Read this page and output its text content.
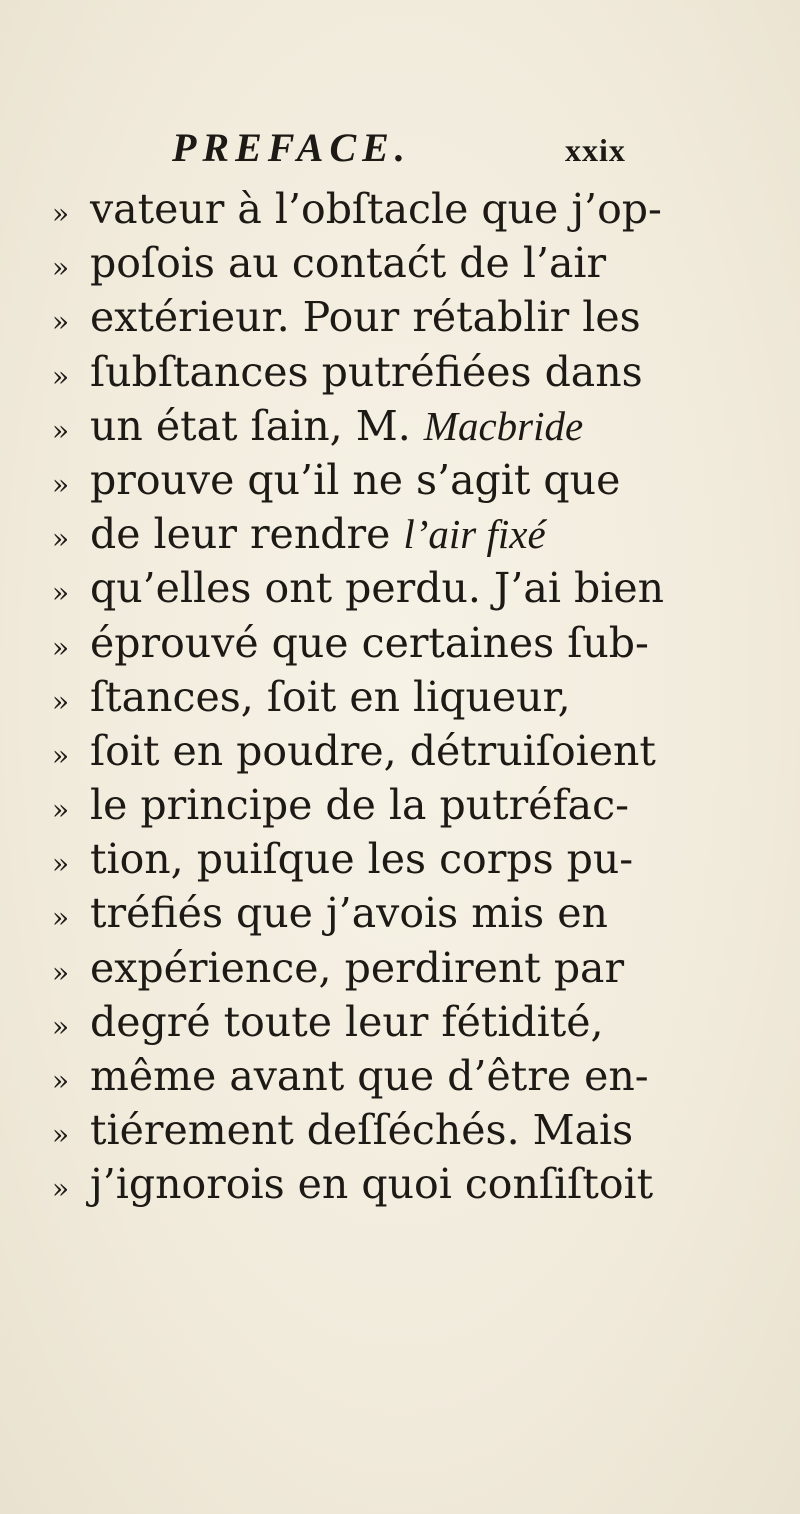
PREFACE.	xxix
» vateur à l’obſtacle que j’op-
» poſois au contaćt de l’air
» extérieur. Pour rétablir les
» ſubſtances putréfiées dans
» un état ſain, M. Macbride
» prouve qu’il ne s’agit que
» de leur rendre l’air fixé
» qu’elles ont perdu. J’ai bien
» éprouvé que certaines ſub-
» ſtances, ſoit en liqueur,
» ſoit en poudre, détruiſoient
» le principe de la putréfac-
» tion, puiſque les corps pu-
» tréfiés que j’avois mis en
» expérience, perdirent par
» degré toute leur fétidité,
» même avant que d’être en-
» tiérement deſſéchés. Mais
» j’ignorois en quoi conſiſtoit
